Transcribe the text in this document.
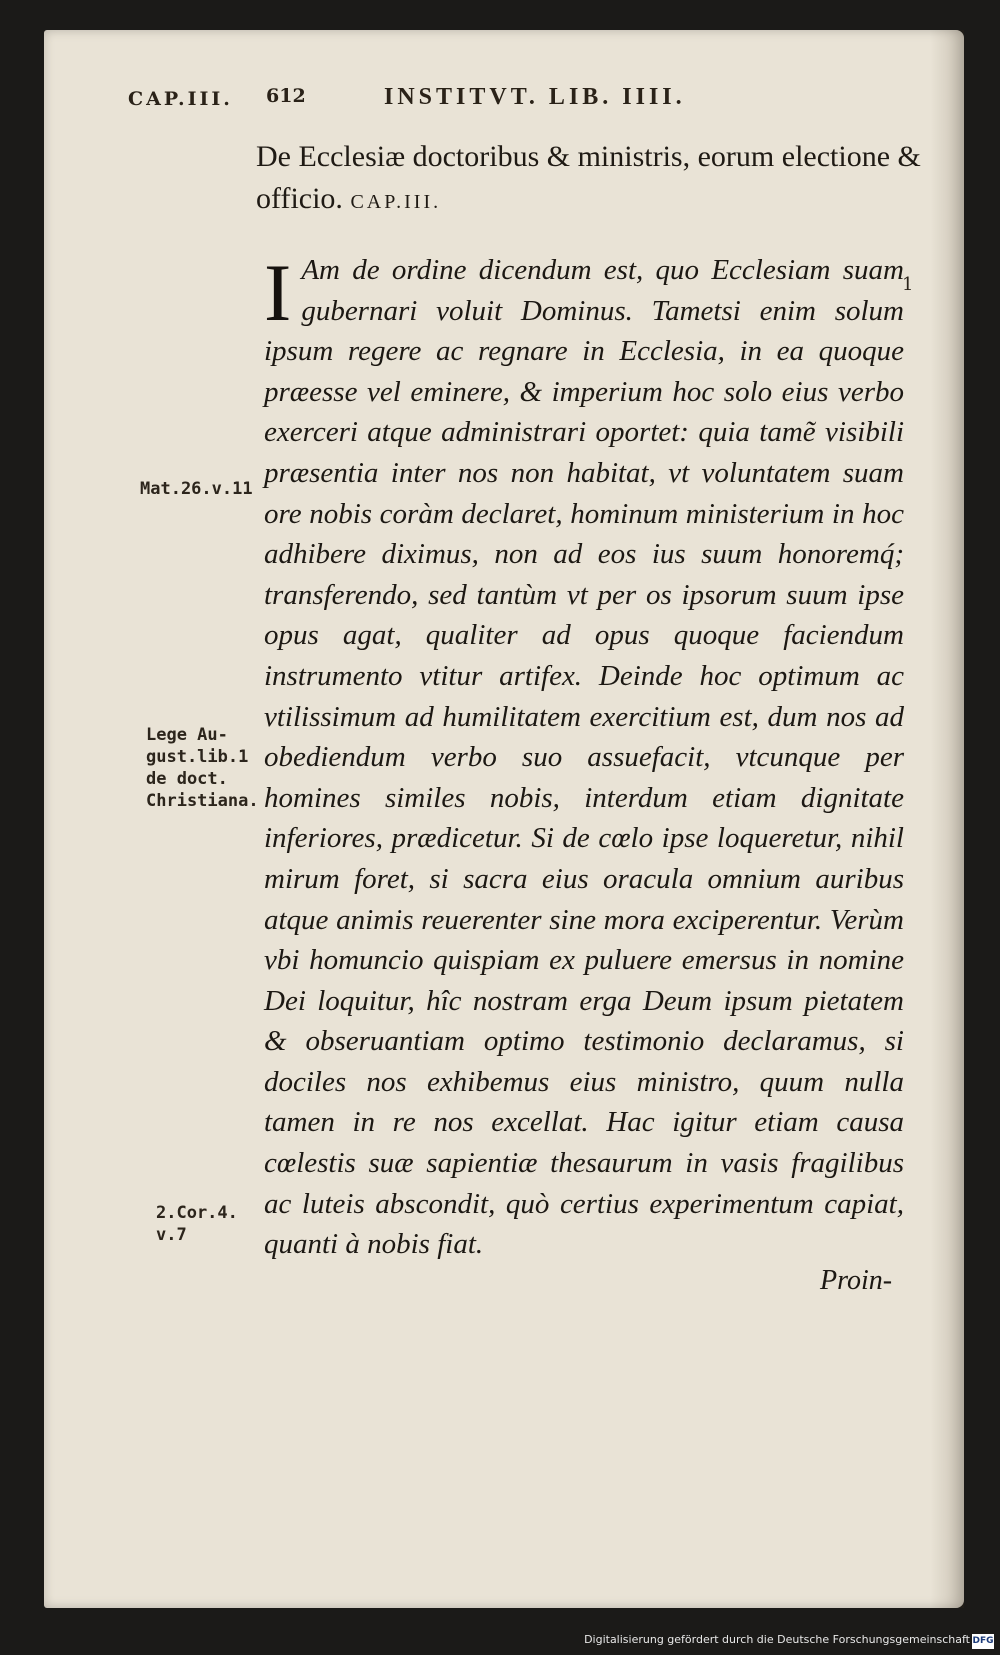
CAP.III. 612	INSTITVT. LIB. IIII.
De Ecclesiæ doctoribus & ministris, eorum electione & officio. CAP.III.
1
I Am de ordine dicendum est, quo Ecclesiam suam gubernari voluit Dominus. Tametsi enim solum ipsum regere ac regnare in Ecclesia, in ea quoque præesse vel eminere, & imperium hoc solo eius verbo exerceri atque administrari oportet: quia tamẽ visibili præsentia inter nos non habitat, vt voluntatem suam ore nobis coràm declaret, hominum ministerium in hoc adhibere diximus, non ad eos ius suum honoremq́; transferendo, sed tantùm vt per os ipsorum suum ipse opus agat, qualiter ad opus quoque faciendum instrumento vtitur artifex. Deinde hoc optimum ac vtilissimum ad humilitatem exercitium est, dum nos ad obediendum verbo suo assuefacit, vtcunque per homines similes nobis, interdum etiam dignitate inferiores, prædicetur. Si de cœlo ipse loqueretur, nihil mirum foret, si sacra eius oracula omnium auribus atque animis reuerenter sine mora exciperentur. Verùm vbi homuncio quispiam ex puluere emersus in nomine Dei loquitur, hîc nostram erga Deum ipsum pietatem & obseruantiam optimo testimonio declaramus, si dociles nos exhibemus eius ministro, quum nulla tamen in re nos excellat. Hac igitur etiam causa cœlestis suæ sapientiæ thesaurum in vasis fragilibus ac luteis abscondit, quò certius experimentum capiat, quanti à nobis fiat.
Mat.26.v.11
Lege Au-
gust.lib.1
de doct.
Christiana.
2.Cor.4.
v.7
Proin-
Digitalisierung gefördert durch die Deutsche Forschungsgemeinschaft DFG
